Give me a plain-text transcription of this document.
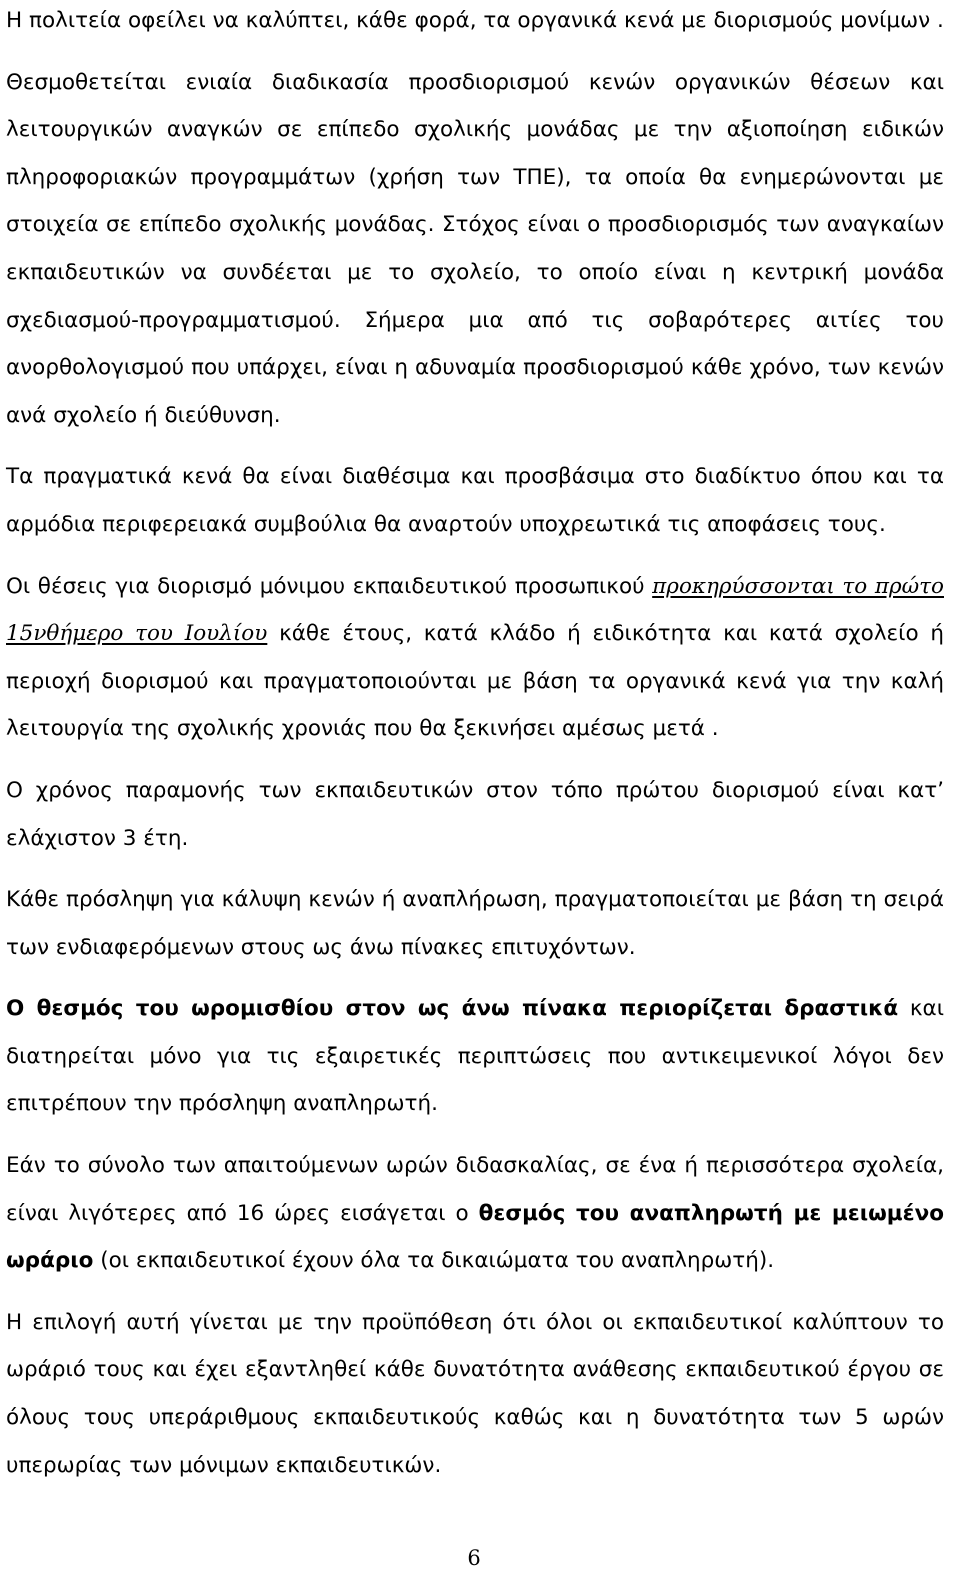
Η πολιτεία οφείλει να καλύπτει, κάθε φορά, τα οργανικά κενά με διορισμούς μονίμων .

Θεσμοθετείται ενιαία διαδικασία προσδιορισμού κενών οργανικών θέσεων και λειτουργικών αναγκών σε επίπεδο σχολικής μονάδας με την αξιοποίηση ειδικών πληροφοριακών προγραμμάτων (χρήση των ΤΠΕ), τα οποία θα ενημερώνονται με στοιχεία σε επίπεδο σχολικής μονάδας. Στόχος είναι ο προσδιορισμός των αναγκαίων εκπαιδευτικών να συνδέεται με το σχολείο, το οποίο είναι η κεντρική μονάδα σχεδιασμού-προγραμματισμού. Σήμερα μια από τις σοβαρότερες αιτίες του ανορθολογισμού που υπάρχει, είναι η αδυναμία προσδιορισμού κάθε χρόνο, των κενών ανά σχολείο ή διεύθυνση.

Τα πραγματικά κενά θα είναι διαθέσιμα και προσβάσιμα στο διαδίκτυο όπου και τα αρμόδια περιφερειακά συμβούλια θα αναρτούν υποχρεωτικά τις αποφάσεις τους.

Οι θέσεις για διορισμό μόνιμου εκπαιδευτικού προσωπικού προκηρύσσονται το πρώτο 15νθήμερο του Ιουλίου κάθε έτους, κατά κλάδο ή ειδικότητα και κατά σχολείο ή περιοχή διορισμού και πραγματοποιούνται με βάση τα οργανικά κενά για την καλή λειτουργία της σχολικής χρονιάς που θα ξεκινήσει αμέσως μετά .

Ο χρόνος παραμονής των εκπαιδευτικών στον τόπο πρώτου διορισμού είναι κατ’ ελάχιστον 3 έτη.

Κάθε πρόσληψη για κάλυψη κενών ή αναπλήρωση, πραγματοποιείται με βάση τη σειρά των ενδιαφερόμενων στους ως άνω πίνακες επιτυχόντων.

Ο θεσμός του ωρομισθίου στον ως άνω πίνακα περιορίζεται δραστικά και διατηρείται μόνο για τις εξαιρετικές περιπτώσεις που αντικειμενικοί λόγοι δεν επιτρέπουν την πρόσληψη αναπληρωτή.

Εάν το σύνολο των απαιτούμενων ωρών διδασκαλίας, σε ένα ή περισσότερα σχολεία, είναι λιγότερες από 16 ώρες εισάγεται ο θεσμός του αναπληρωτή με μειωμένο ωράριο (οι εκπαιδευτικοί έχουν όλα τα δικαιώματα του αναπληρωτή).

Η επιλογή αυτή γίνεται με την προϋπόθεση ότι όλοι οι εκπαιδευτικοί καλύπτουν το ωράριό τους και έχει εξαντληθεί κάθε δυνατότητα ανάθεσης εκπαιδευτικού έργου σε όλους τους υπεράριθμους εκπαιδευτικούς καθώς και η δυνατότητα των 5 ωρών υπερωρίας των μόνιμων εκπαιδευτικών.

6
